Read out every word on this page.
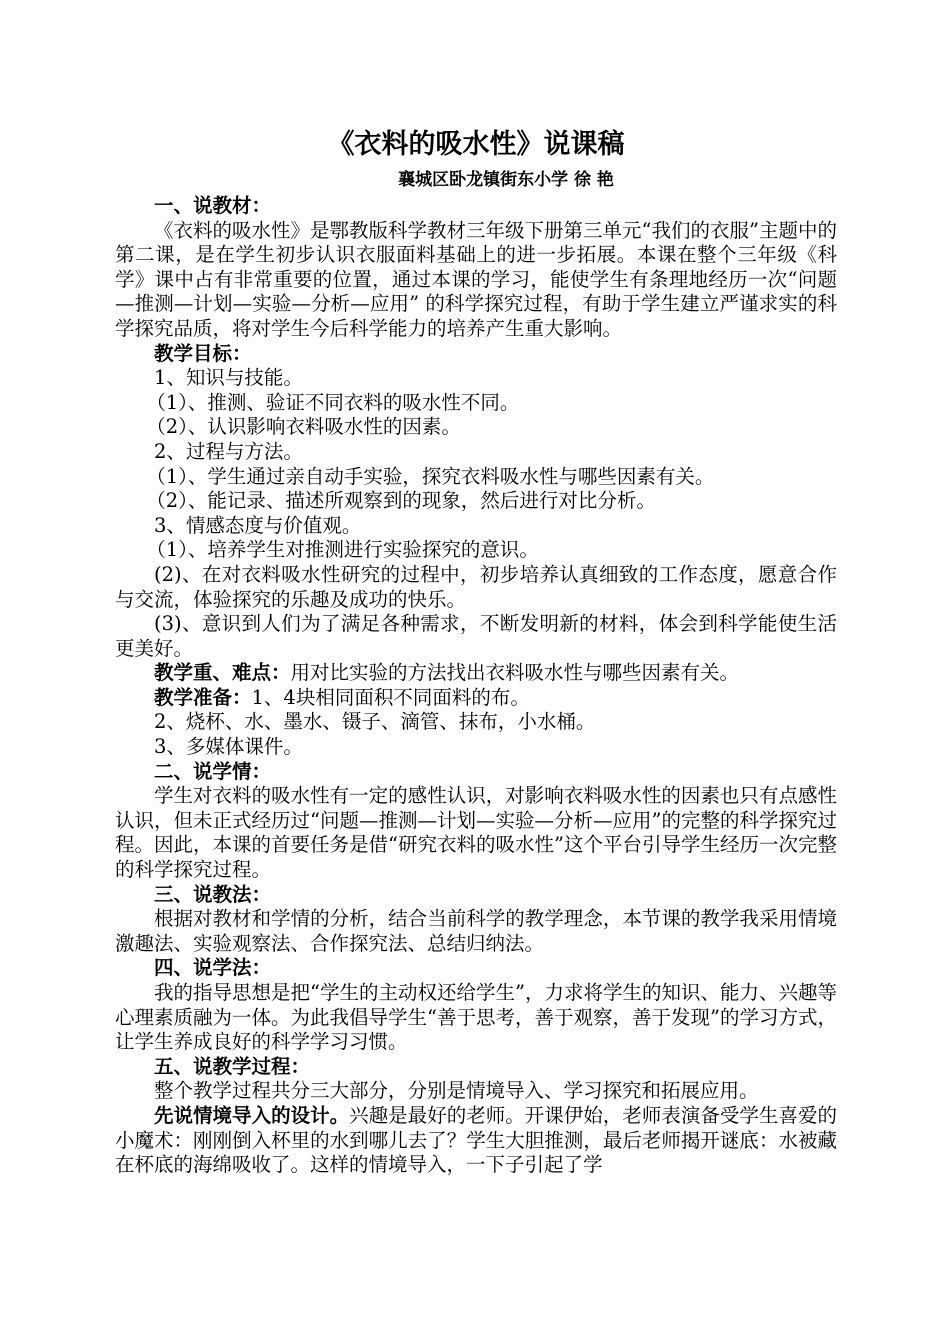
《衣料的吸水性》说课稿
襄城区卧龙镇街东小学 徐 艳

一、说教材：

《衣料的吸水性》是鄂教版科学教材三年级下册第三单元“我们的衣服”主题中的第二课，是在学生初步认识衣服面料基础上的进一步拓展。本课在整个三年级《科学》课中占有非常重要的位置，通过本课的学习，能使学生有条理地经历一次“问题—推测—计划—实验—分析—应用” 的科学探究过程，有助于学生建立严谨求实的科学探究品质，将对学生今后科学能力的培养产生重大影响。

教学目标：

1、知识与技能。

（1）、推测、验证不同衣料的吸水性不同。

（2）、认识影响衣料吸水性的因素。

2、过程与方法。

（1）、学生通过亲自动手实验，探究衣料吸水性与哪些因素有关。

（2）、能记录、描述所观察到的现象，然后进行对比分析。

3、情感态度与价值观。

（1）、培养学生对推测进行实验探究的意识。

(2)、在对衣料吸水性研究的过程中，初步培养认真细致的工作态度，愿意合作与交流，体验探究的乐趣及成功的快乐。

(3)、意识到人们为了满足各种需求，不断发明新的材料，体会到科学能使生活更美好。

教学重、难点：用对比实验的方法找出衣料吸水性与哪些因素有关。

教学准备：1、4块相同面积不同面料的布。

2、烧杯、水、墨水、镊子、滴管、抹布，小水桶。

3、多媒体课件。

二、说学情：

学生对衣料的吸水性有一定的感性认识，对影响衣料吸水性的因素也只有点感性认识，但未正式经历过“问题—推测—计划—实验—分析—应用”的完整的科学探究过程。因此，本课的首要任务是借“研究衣料的吸水性”这个平台引导学生经历一次完整的科学探究过程。

三、说教法：

根据对教材和学情的分析，结合当前科学的教学理念，本节课的教学我采用情境激趣法、实验观察法、合作探究法、总结归纳法。

四、说学法：

我的指导思想是把“学生的主动权还给学生”，力求将学生的知识、能力、兴趣等心理素质融为一体。为此我倡导学生“善于思考，善于观察，善于发现”的学习方式，让学生养成良好的科学学习习惯。

五、说教学过程：

整个教学过程共分三大部分，分别是情境导入、学习探究和拓展应用。

先说情境导入的设计。兴趣是最好的老师。开课伊始，老师表演备受学生喜爱的小魔术：刚刚倒入杯里的水到哪儿去了？学生大胆推测，最后老师揭开谜底：水被藏在杯底的海绵吸收了。这样的情境导入，一下子引起了学
